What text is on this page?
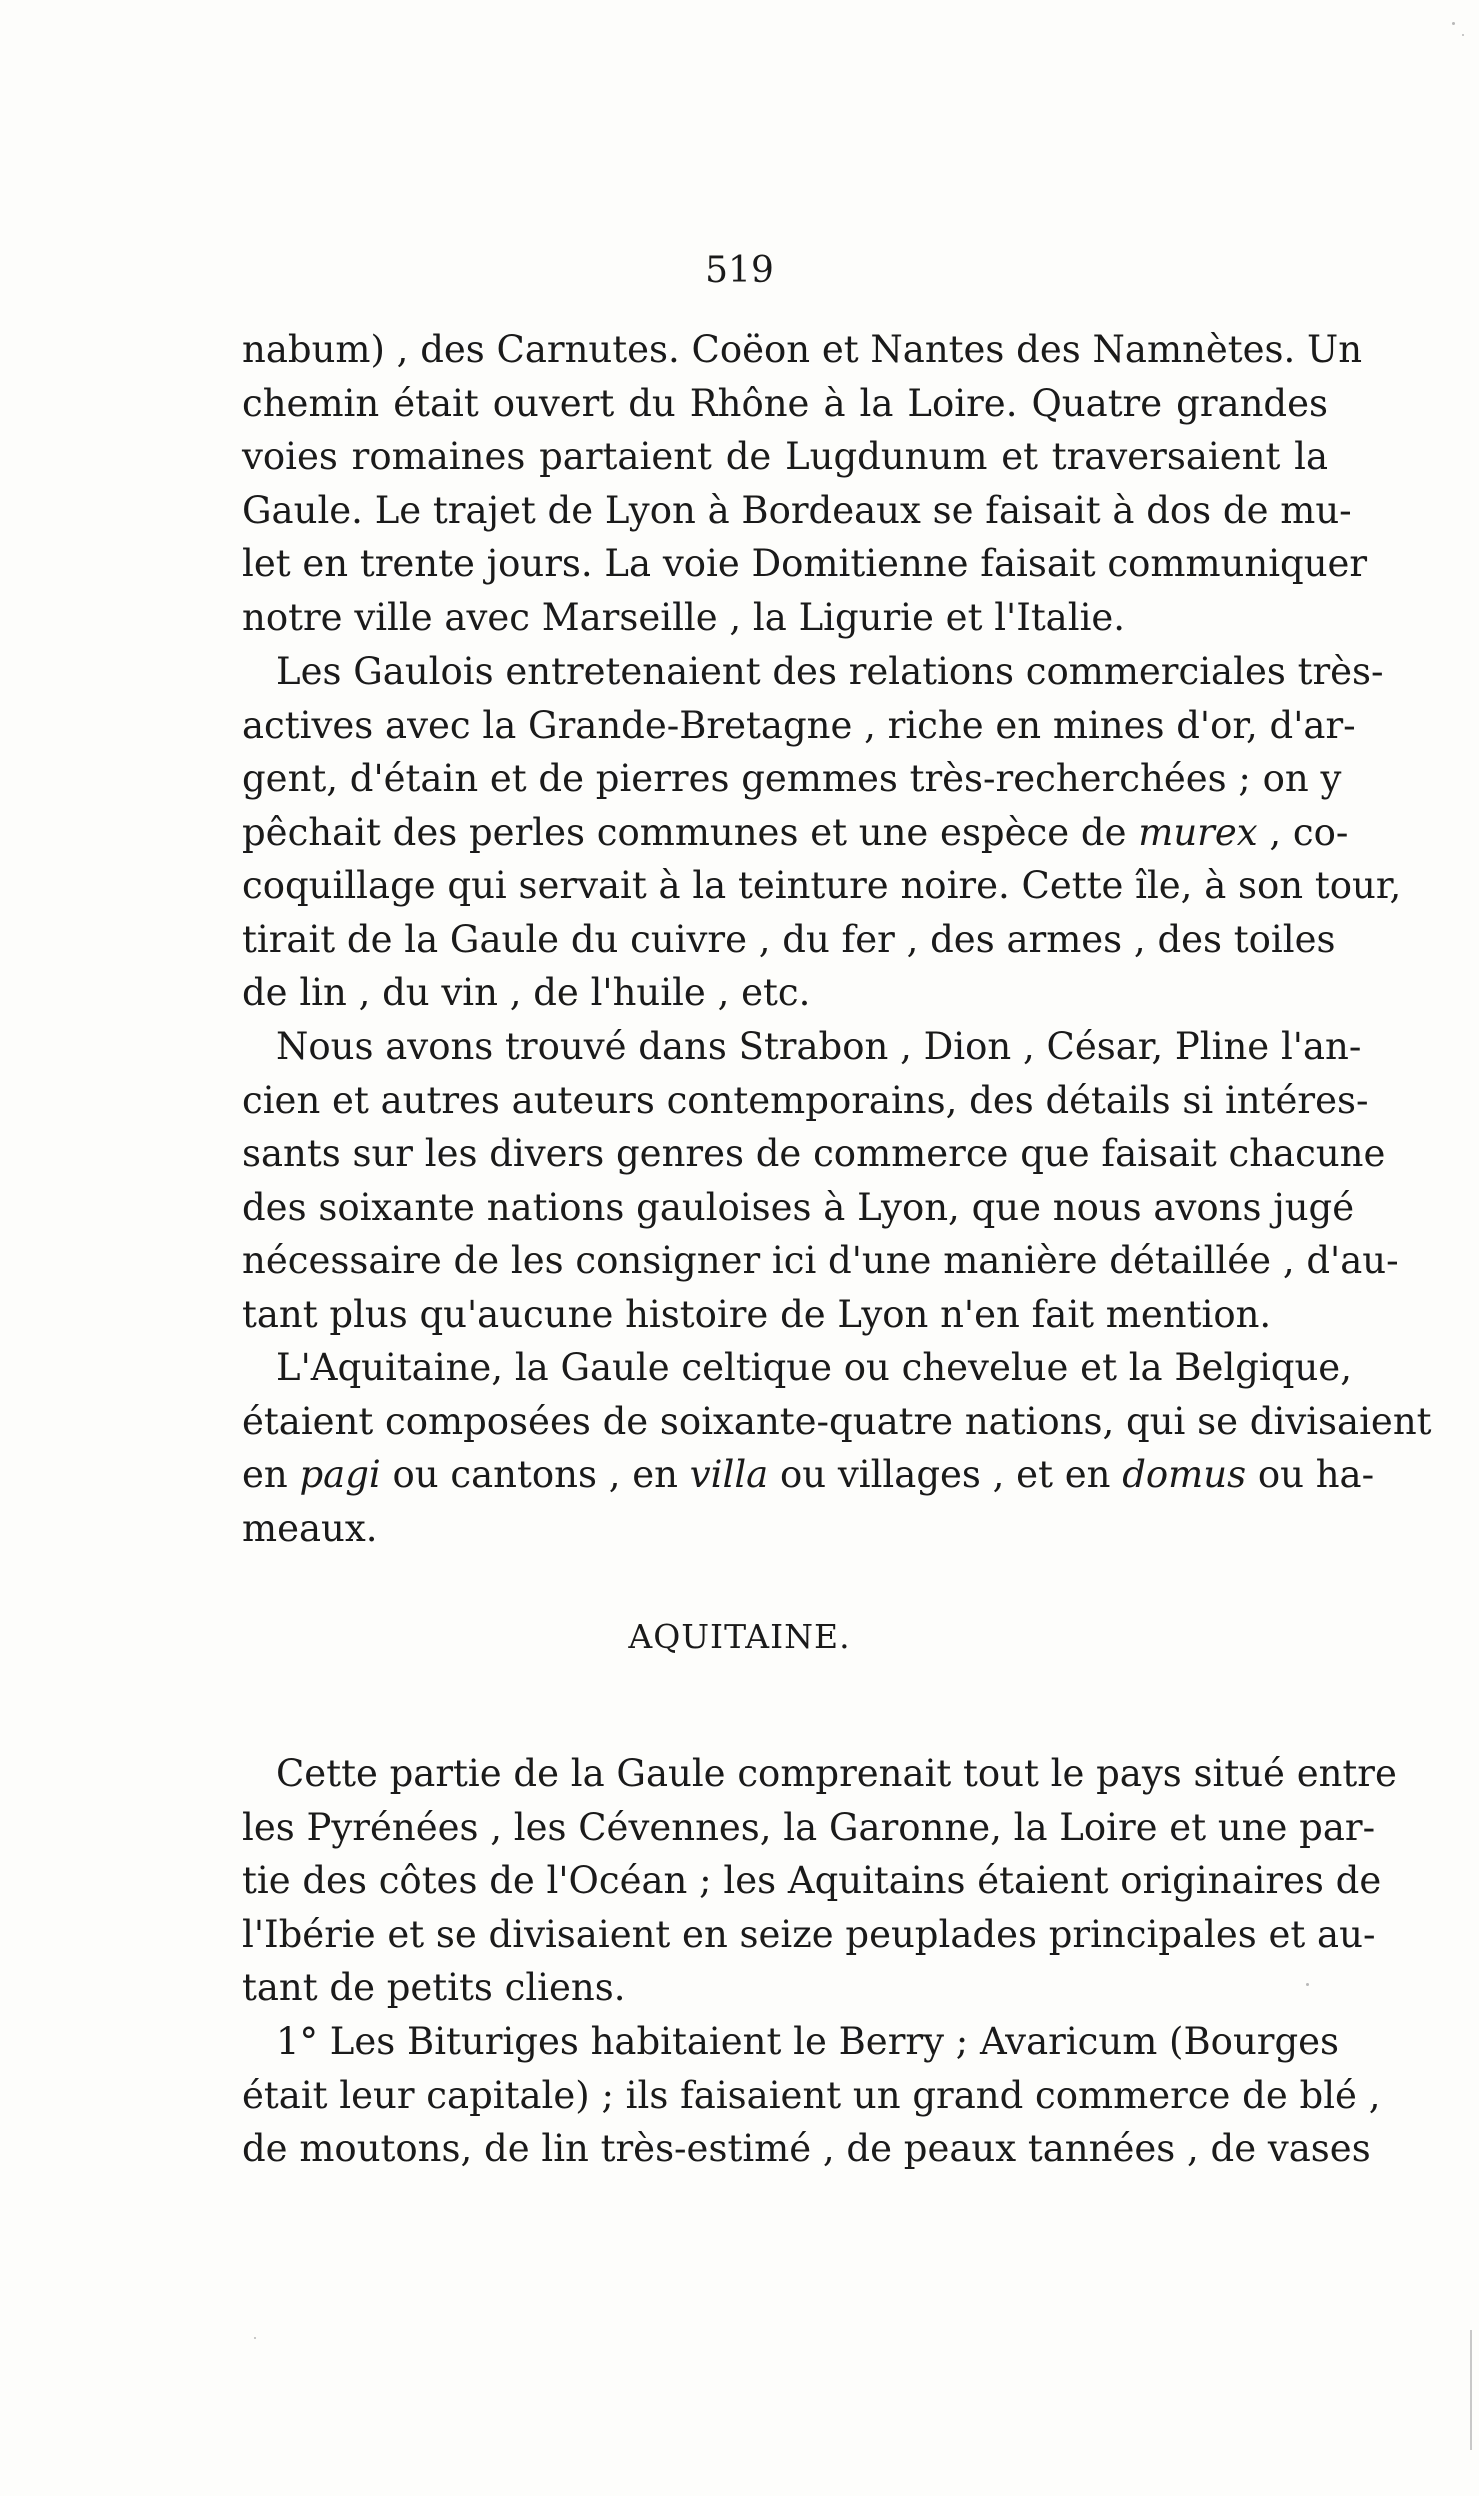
519
nabum) , des Carnutes. Coëon et Nantes des Namnètes. Un
chemin était ouvert du Rhône à la Loire. Quatre grandes
voies romaines partaient de Lugdunum et traversaient la
Gaule. Le trajet de Lyon à Bordeaux se faisait à dos de mu-
let en trente jours. La voie Domitienne faisait communiquer
notre ville avec Marseille , la Ligurie et l'Italie.
Les Gaulois entretenaient des relations commerciales très-
actives avec la Grande-Bretagne , riche en mines d'or, d'ar-
gent, d'étain et de pierres gemmes très-recherchées ; on y
pêchait des perles communes et une espèce de murex , co-
coquillage qui servait à la teinture noire. Cette île, à son tour,
tirait de la Gaule du cuivre , du fer , des armes , des toiles
de lin , du vin , de l'huile , etc.
Nous avons trouvé dans Strabon , Dion , César, Pline l'an-
cien et autres auteurs contemporains, des détails si intéres-
sants sur les divers genres de commerce que faisait chacune
des soixante nations gauloises à Lyon, que nous avons jugé
nécessaire de les consigner ici d'une manière détaillée , d'au-
tant plus qu'aucune histoire de Lyon n'en fait mention.
L'Aquitaine, la Gaule celtique ou chevelue et la Belgique,
étaient composées de soixante-quatre nations, qui se divisaient
en pagi ou cantons , en villa ou villages , et en domus ou ha-
meaux.
AQUITAINE.
Cette partie de la Gaule comprenait tout le pays situé entre
les Pyrénées , les Cévennes, la Garonne, la Loire et une par-
tie des côtes de l'Océan ; les Aquitains étaient originaires de
l'Ibérie et se divisaient en seize peuplades principales et au-
tant de petits cliens.
1° Les Bituriges habitaient le Berry ; Avaricum (Bourges
était leur capitale) ; ils faisaient un grand commerce de blé ,
de moutons, de lin très-estimé , de peaux tannées , de vases
